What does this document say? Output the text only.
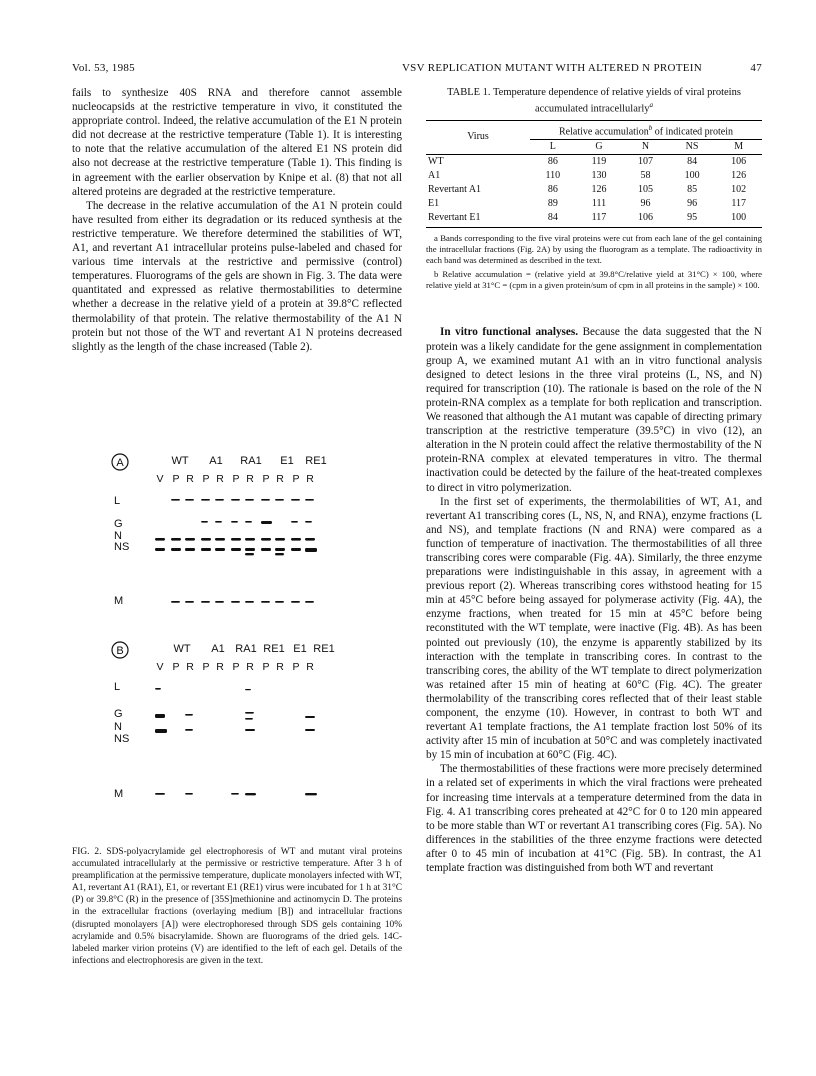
Vol. 53, 1985	VSV REPLICATION MUTANT WITH ALTERED N PROTEIN	47

fails to synthesize 40S RNA and therefore cannot assemble nucleocapsids at the restrictive temperature in vivo, it constituted the appropriate control. Indeed, the relative accumulation of the E1 N protein did not decrease at the restrictive temperature (Table 1). It is interesting to note that the relative accumulation of the altered E1 NS protein did also not decrease at the restrictive temperature (Table 1). This finding is in agreement with the earlier observation by Knipe et al. (8) that not all altered proteins are degraded at the restrictive temperature.

The decrease in the relative accumulation of the A1 N protein could have resulted from either its degradation or its reduced synthesis at the restrictive temperature. We therefore determined the stabilities of WT, A1, and revertant A1 intracellular proteins pulse-labeled and chased for various time intervals at the restrictive and permissive (control) temperatures. Fluorograms of the gels are shown in Fig. 3. The data were quantitated and expressed as relative thermostabilities to determine whether a decrease in the relative yield of a protein at 39.8°C reflected thermolability of that protein. The relative thermostability of the A1 N protein but not those of the WT and revertant A1 N proteins decreased slightly as the length of the chase increased (Table 2).

A	WT A1 RA1 E1 RE1
V P R P R P R P R P R
L
G
N
NS
M
B	WT A1 RA1 RE1 E1 RE1
V P R P R P R P R P R
L
G
N
NS
M
FIG. 2. SDS-polyacrylamide gel electrophoresis of WT and mutant viral proteins accumulated intracellularly at the permissive or restrictive temperature. After 3 h of preamplification at the permissive temperature, duplicate monolayers infected with WT, A1, revertant A1 (RA1), E1, or revertant E1 (RE1) virus were incubated for 1 h at 31°C (P) or 39.8°C (R) in the presence of [35S]methionine and actinomycin D. The proteins in the extracellular fractions (overlaying medium [B]) and intracellular fractions (disrupted monolayers [A]) were electrophoresed through SDS gels containing 10% acrylamide and 0.5% bisacrylamide. Shown are fluorograms of the dried gels. 14C-labeled marker virion proteins (V) are identified to the left of each gel. Details of the infections and electrophoresis are given in the text.
TABLE 1. Temperature dependence of relative yields of viral proteins accumulated intracellularly$^a$
Virus	Relative accumulation$^b$ of indicated protein				
	L	G	N	NS	M
WT	86	119	107	84	106
A1	110	130	58	100	126
Revertant A1	86	126	105	85	102
E1	89	111	96	96	117
Revertant E1	84	117	106	95	100
a Bands corresponding to the five viral proteins were cut from each lane of the gel containing the intracellular fractions (Fig. 2A) by using the fluorogram as a template. The radioactivity in each band was determined as described in the text.
b Relative accumulation = (relative yield at 39.8°C/relative yield at 31°C) × 100, where relative yield at 31°C = (cpm in a given protein/sum of cpm in all proteins in the sample) × 100.

In vitro functional analyses. Because the data suggested that the N protein was a likely candidate for the gene assignment in complementation group A, we examined mutant A1 with an in vitro functional analysis designed to detect lesions in the three viral proteins (L, NS, and N) required for transcription (10). The rationale is based on the role of the N protein-RNA complex as a template for both replication and transcription. We reasoned that although the A1 mutant was capable of directing primary transcription at the restrictive temperature (39.5°C) in vivo (12), an alteration in the N protein could affect the relative thermostability of the N protein-RNA complex at elevated temperatures in vitro. The thermal inactivation could be detected by the failure of the heat-treated complexes to direct in vitro polymerization.

In the first set of experiments, the thermolabilities of WT, A1, and revertant A1 transcribing cores (L, NS, N, and RNA), enzyme fractions (L and NS), and template fractions (N and RNA) were compared as a function of temperature of inactivation. The thermostabilities of all three transcribing cores were comparable (Fig. 4A). Similarly, the three enzyme preparations were indistinguishable in this assay, in agreement with a previous report (2). Whereas transcribing cores withstood heating for 15 min at 45°C before being assayed for polymerase activity (Fig. 4A), the enzyme fractions, when treated for 15 min at 45°C before being reconstituted with the WT template, were inactive (Fig. 4B). As has been pointed out previously (10), the enzyme is apparently stabilized by its interaction with the template in transcribing cores. In contrast to the transcribing cores, the ability of the WT template to direct polymerization was retained after 15 min of heating at 60°C (Fig. 4C). The greater thermolability of the transcribing cores reflected that of their least stable component, the enzyme (10). However, in contrast to both WT and revertant A1 template fractions, the A1 template fraction lost 50% of its activity after 15 min of incubation at 50°C and was completely inactivated by 15 min of incubation at 60°C (Fig. 4C).

The thermostabilities of these fractions were more precisely determined in a related set of experiments in which the viral fractions were preheated for increasing time intervals at a temperature determined from the data in Fig. 4. A1 transcribing cores preheated at 42°C for 0 to 120 min appeared to be more stable than WT or revertant A1 transcribing cores (Fig. 5A). No differences in the stabilities of the three enzyme fractions were detected after 0 to 45 min of incubation at 41°C (Fig. 5B). In contrast, the A1 template fraction was distinguished from both WT and revertant
